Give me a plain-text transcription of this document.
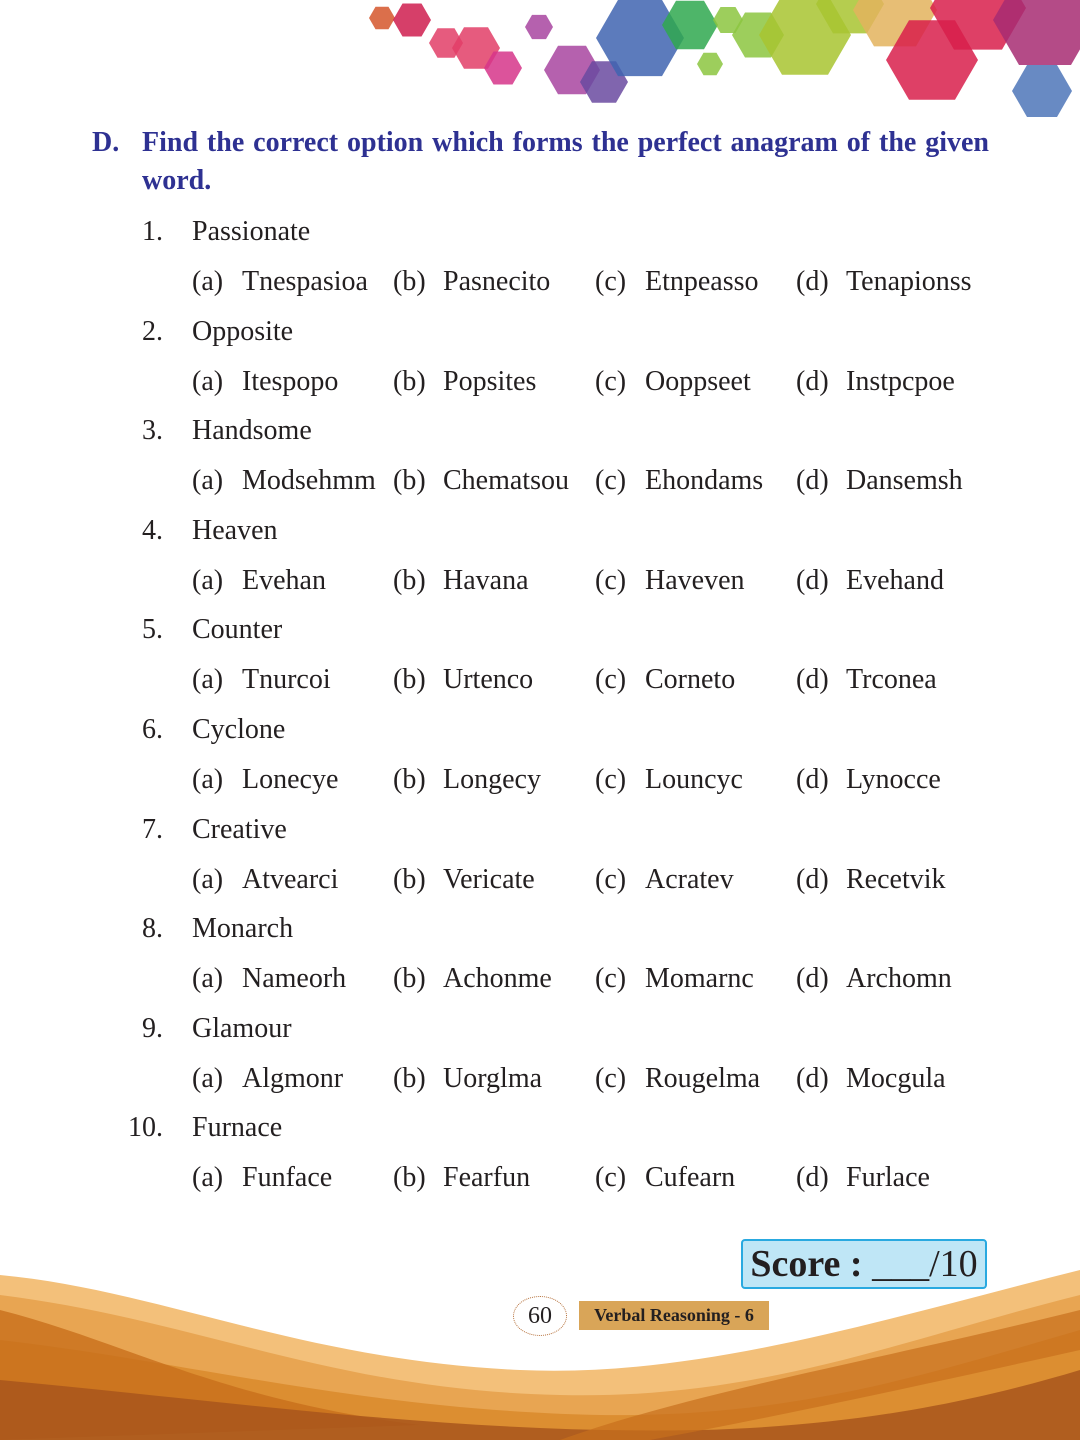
D. Find the correct option which forms the perfect anagram of the given word.
1. Passionate
(a) Tnespasioa (b) Pasnecito (c) Etnpeasso (d) Tenapionss
2. Opposite
(a) Itespopo (b) Popsites (c) Ooppseet (d) Instpcpoe
3. Handsome
(a) Modsehmm (b) Chematsou (c) Ehondams (d) Dansemsh
4. Heaven
(a) Evehan (b) Havana (c) Haveven (d) Evehand
5. Counter
(a) Tnurcoi (b) Urtenco (c) Corneto (d) Trconea
6. Cyclone
(a) Lonecye (b) Longecy (c) Louncyc (d) Lynocce
7. Creative
(a) Atvearci (b) Vericate (c) Acratev (d) Recetvik
8. Monarch
(a) Nameorh (b) Achonme (c) Momarnc (d) Archomn
9. Glamour
(a) Algmonr (b) Uorglma (c) Rougelma (d) Mocgula
10. Furnace
(a) Funface (b) Fearfun (c) Cufearn (d) Furlace
Score : ___/10
60	Verbal Reasoning - 6
